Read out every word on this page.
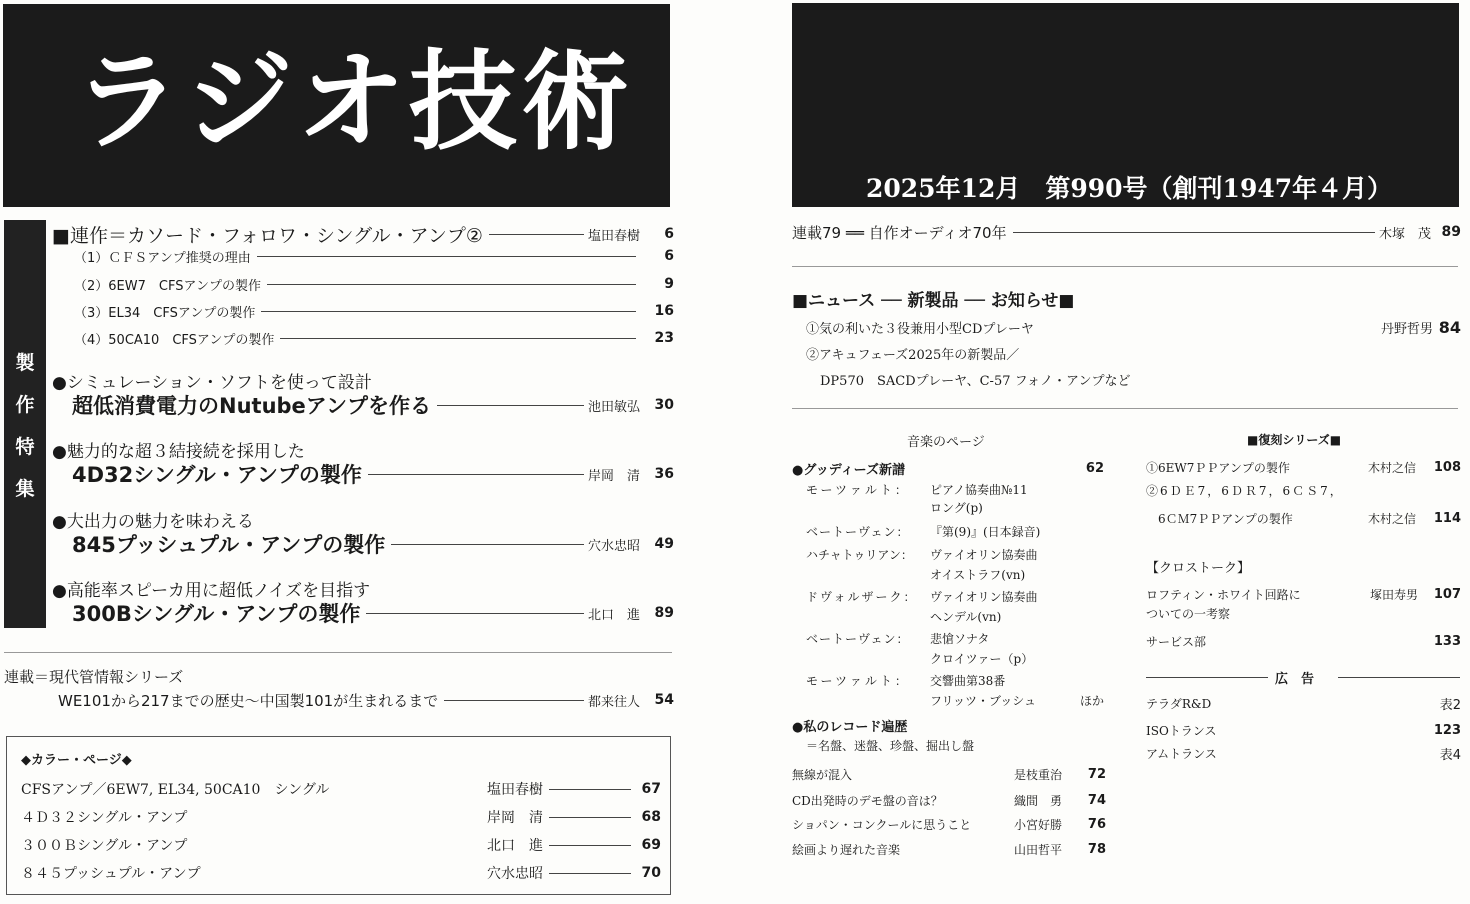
ラジオ技術
製
作
特
集
■連作＝カソード・フォロワ・シングル・アンプ②	塩田春樹	6
（1）ＣＦＳアンプ推奨の理由	6
（2）6EW7　CFSアンプの製作	9
（3）EL34　CFSアンプの製作	16
（4）50CA10　CFSアンプの製作	23
●シミュレーション・ソフトを使って設計
超低消費電力のNutubeアンプを作る	池田敏弘	30
●魅力的な超３結接続を採用した
4D32シングル・アンプの製作	岸岡　清	36
●大出力の魅力を味わえる
845プッシュプル・アンプの製作	穴水忠昭	49
●高能率スピーカ用に超低ノイズを目指す
300Bシングル・アンプの製作	北口　進	89
連載＝現代管情報シリーズ
WE101から217までの歴史～中国製101が生まれるまで	都来往人	54
◆カラー・ページ◆
CFSアンプ／6EW7, EL34, 50CA10　シングル	塩田春樹	67
４Ｄ３２シングル・アンプ	岸岡　清	68
３００Ｂシングル・アンプ	北口　進	69
８４５プッシュプル・アンプ	穴水忠昭	70
2025年12月　第990号（創刊1947年４月）
連載79 ══ 自作オーディオ70年	木塚　茂 89
■ニュース ── 新製品 ── お知らせ■
①気の利いた３役兼用小型CDプレーヤ	丹野哲男 84
②アキュフェーズ2025年の新製品／
DP570　SACDプレーヤ、C-57 フォノ・アンプなど
音楽のページ
●グッディーズ新譜	62
モーツァルト： ピアノ協奏曲№11
ロング(p)
ベートーヴェン： 『第(9)』(日本録音)
ハチャトゥリアン： ヴァイオリン協奏曲
オイストラフ(vn)
ドヴォルザーク： ヴァイオリン協奏曲
ヘンデル(vn)
ベートーヴェン： 悲愴ソナタ
クロイツァー（p）
モーツァルト： 交響曲第38番
フリッツ・ブッシュ	ほか
●私のレコード遍歴
＝名盤、迷盤、珍盤、掘出し盤
無線が混入	是枝重治	72
CD出発時のデモ盤の音は？	織間　勇	74
ショパン・コンクールに思うこと	小宮好勝	76
絵画より遅れた音楽	山田哲平	78
■復刻シリーズ■
①6EW7ＰＰアンプの製作	木村之信 108
②6ＤＥ7，6ＤＲ7，6ＣＳ7，
6ＣＭ7ＰＰアンプの製作	木村之信 114
【クロストーク】
ロフティン・ホワイト回路に	塚田寿男 107
ついての一考察
サービス部	133
広　告
テラダR&D	表2
ISOトランス	123
アムトランス	表4
